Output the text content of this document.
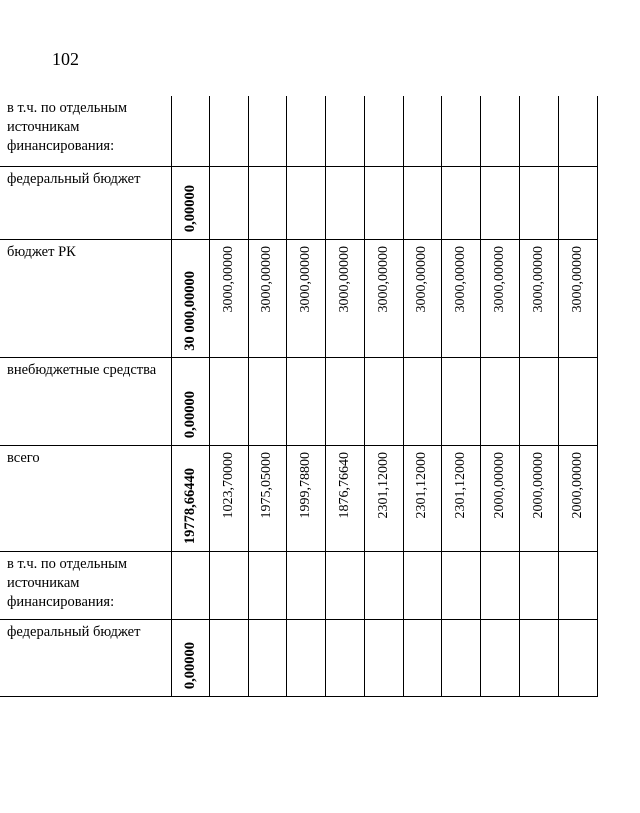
102
в т.ч. по отдельным источникам финансирования:	

федеральный бюджет	0,00000										

бюджет РК	30 000,00000	3000,00000	3000,00000	3000,00000	3000,00000	3000,00000	3000,00000	3000,00000	3000,00000	3000,00000	3000,00000

внебюджетные средства	0,00000										

всего	19778,66440	1023,70000	1975,05000	1999,78800	1876,76640	2301,12000	2301,12000	2301,12000	2000,00000	2000,00000	2000,00000

в т.ч. по отдельным источникам финансирования:	

федеральный бюджет	0,00000										
